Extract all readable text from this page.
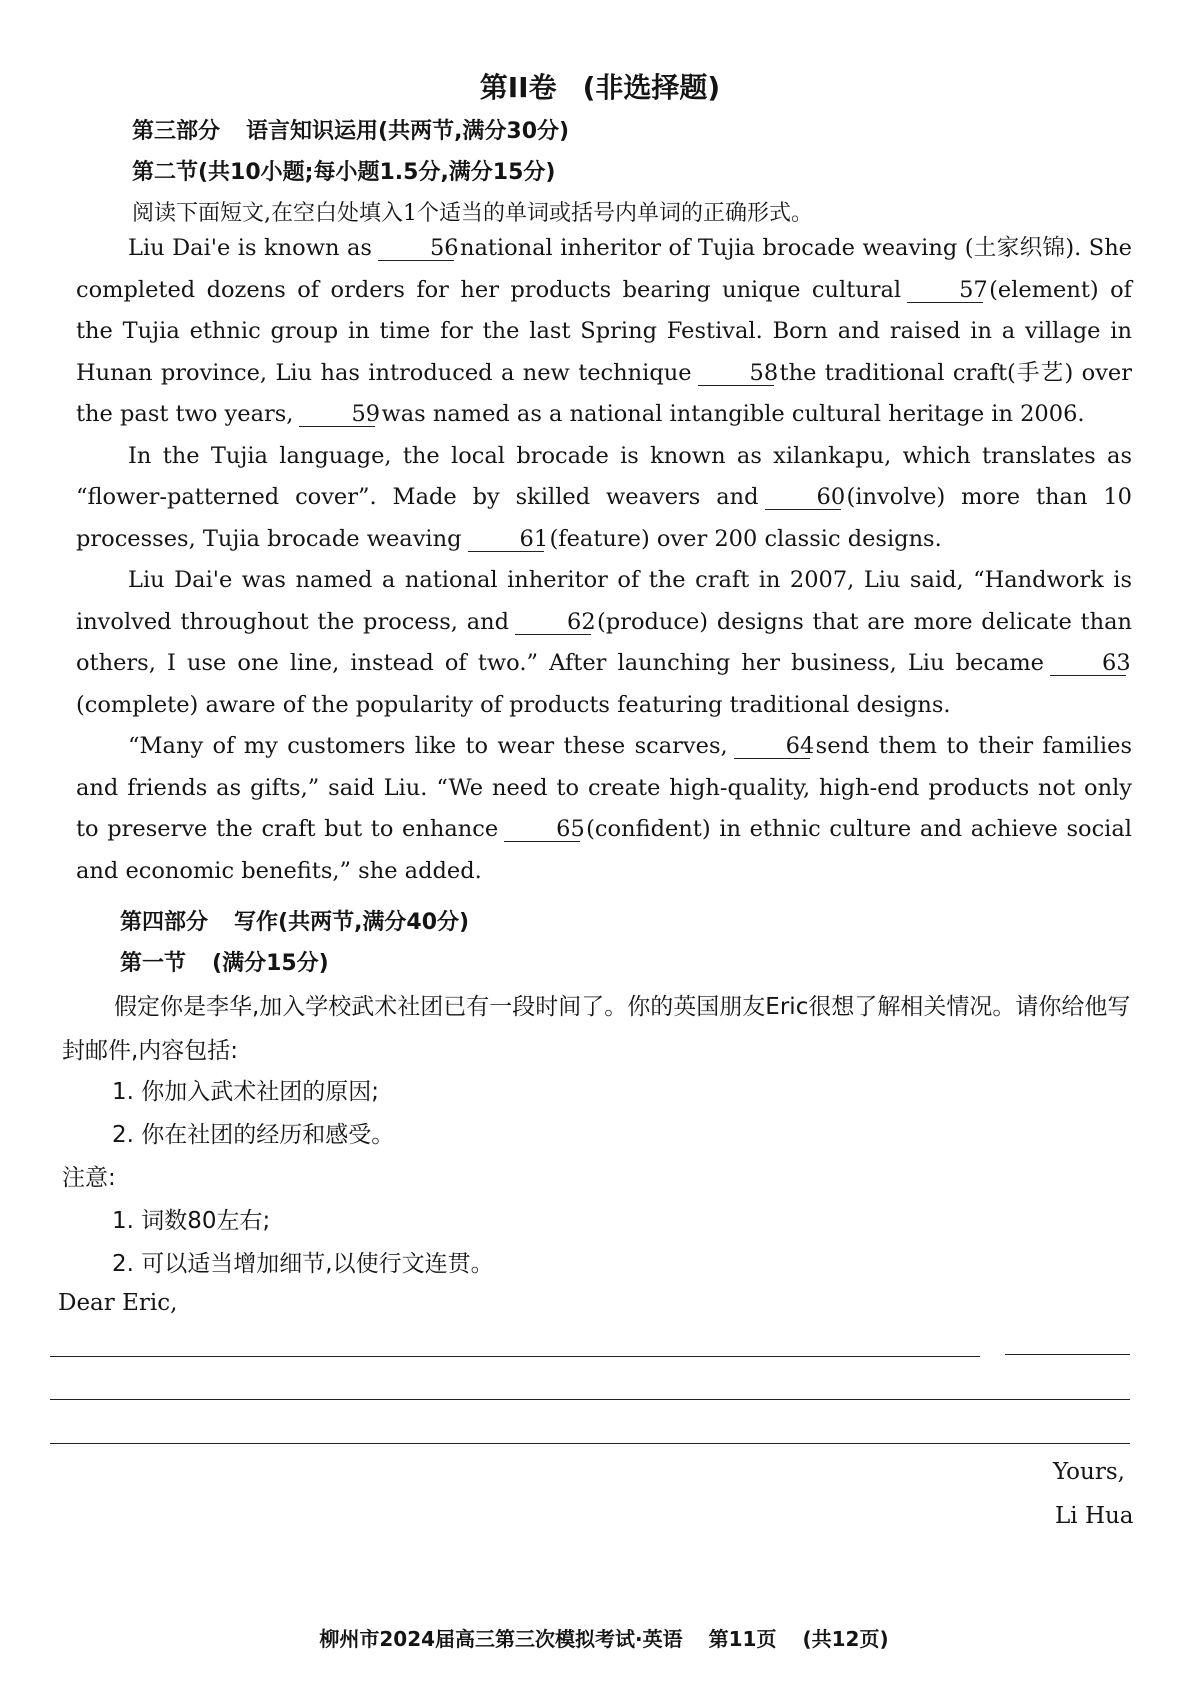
第II卷 (非选择题)
第三部分 语言知识运用(共两节,满分30分)
第二节(共10小题;每小题1.5分,满分15分)
阅读下面短文,在空白处填入1个适当的单词或括号内单词的正确形式。

Liu Dai'e is known as	56national inheritor of Tujia brocade weaving (土家织锦). She completed dozens of orders for her products bearing unique cultural	57(element) of the Tujia ethnic group in time for the last Spring Festival. Born and raised in a village in Hunan province, Liu has introduced a new technique	58the traditional craft(手艺) over the past two years,	59was named as a national intangible cultural heritage in 2006.

In the Tujia language, the local brocade is known as xilankapu, which translates as “flower-patterned cover”. Made by skilled weavers and	60(involve) more than 10 processes, Tujia brocade weaving	61(feature) over 200 classic designs.

Liu Dai'e was named a national inheritor of the craft in 2007, Liu said, “Handwork is involved throughout the process, and	62(produce) designs that are more delicate than others, I use one line, instead of two.” After launching her business, Liu became	63(complete) aware of the popularity of products featuring traditional designs.

“Many of my customers like to wear these scarves,	64send them to their families and friends as gifts,” said Liu. “We need to create high-quality, high-end products not only to preserve the craft but to enhance	65(confident) in ethnic culture and achieve social and economic benefits,” she added.

第四部分 写作(共两节,满分40分)
第一节 (满分15分)
假定你是李华,加入学校武术社团已有一段时间了。你的英国朋友Eric很想了解相关情况。请你给他写封邮件,内容包括:
1. 你加入武术社团的原因;
2. 你在社团的经历和感受。
注意:
1. 词数80左右;
2. 可以适当增加细节,以使行文连贯。
Dear Eric,
Yours,
Li Hua
柳州市2024届高三第三次模拟考试·英语 第11页 (共12页)
